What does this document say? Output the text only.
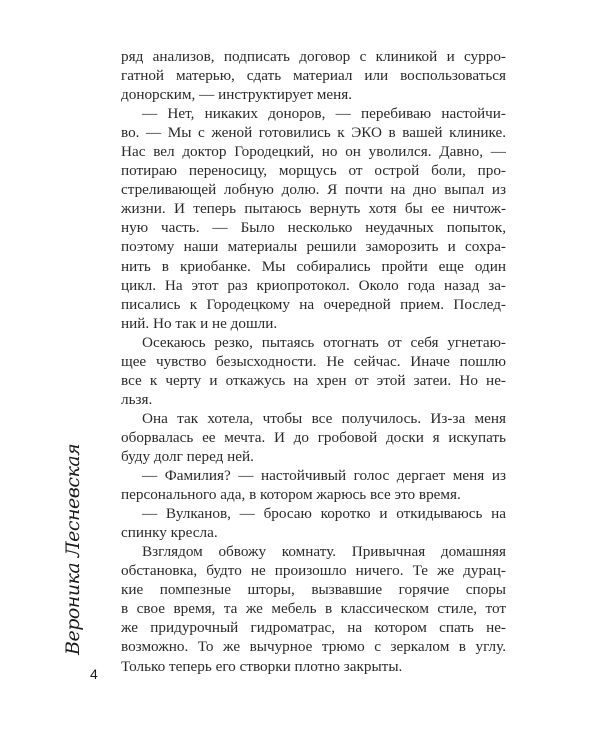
Вероника Лесневская
4
ряд анализов, подписать договор с клиникой и сурро-
гатной матерью, сдать материал или воспользоваться
донорским, — инструктирует меня.
— Нет, никаких доноров, — перебиваю настойчи-
во. — Мы с женой готовились к ЭКО в вашей клинике.
Нас вел доктор Городецкий, но он уволился. Давно, —
потираю переносицу, морщусь от острой боли, про-
стреливающей лобную долю. Я почти на дно выпал из
жизни. И теперь пытаюсь вернуть хотя бы ее ничтож-
ную часть. — Было несколько неудачных попыток,
поэтому наши материалы решили заморозить и сохра-
нить в криобанке. Мы собирались пройти еще один
цикл. На этот раз криопротокол. Около года назад за-
писались к Городецкому на очередной прием. Послед-
ний. Но так и не дошли.
Осекаюсь резко, пытаясь отогнать от себя угнетаю-
щее чувство безысходности. Не сейчас. Иначе пошлю
все к черту и откажусь на хрен от этой затеи. Но не-
льзя.
Она так хотела, чтобы все получилось. Из-за меня
оборвалась ее мечта. И до гробовой доски я искупать
буду долг перед ней.
— Фамилия? — настойчивый голос дергает меня из
персонального ада, в котором жарюсь все это время.
— Вулканов, — бросаю коротко и откидываюсь на
спинку кресла.
Взглядом обвожу комнату. Привычная домашняя
обстановка, будто не произошло ничего. Те же дурац-
кие помпезные шторы, вызвавшие горячие споры
в свое время, та же мебель в классическом стиле, тот
же придурочный гидроматрас, на котором спать не-
возможно. То же вычурное трюмо с зеркалом в углу.
Только теперь его створки плотно закрыты.
